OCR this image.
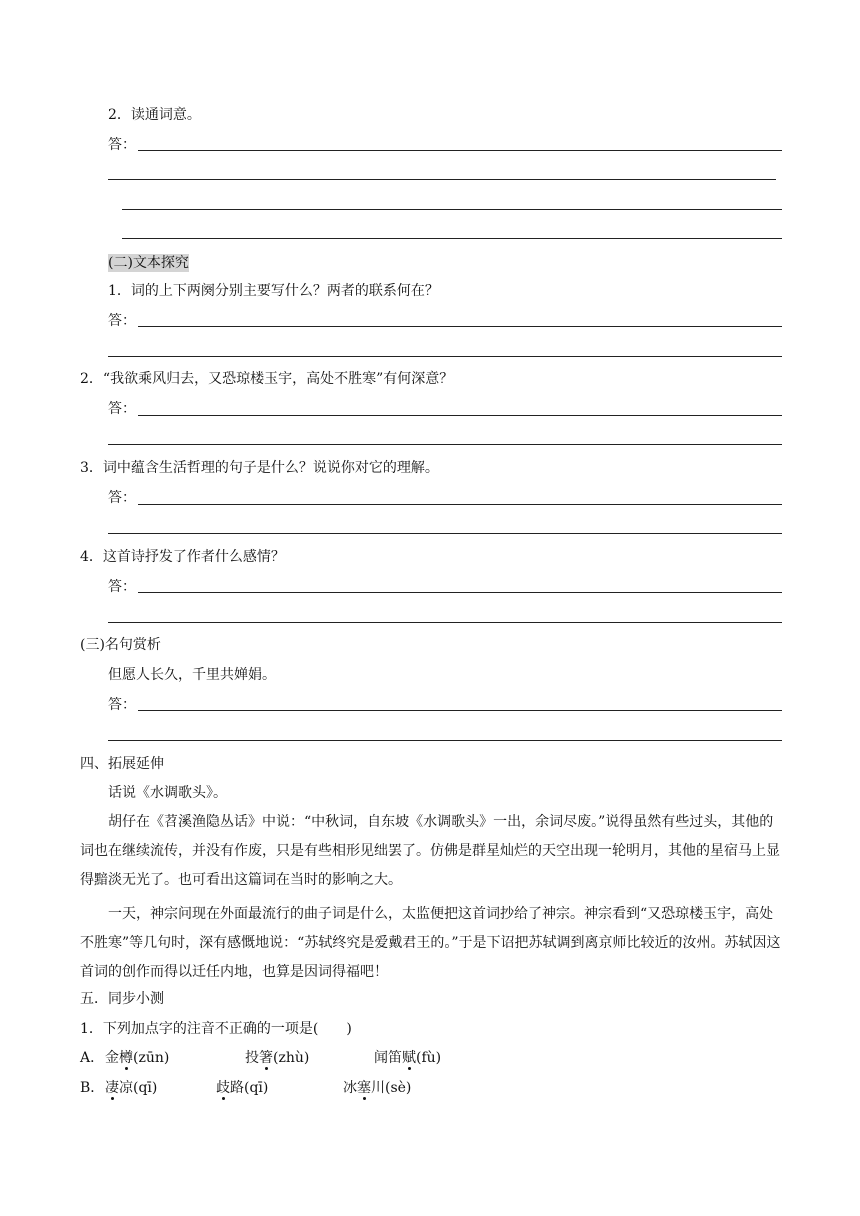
2．读通词意。
答：
(二)文本探究
1．词的上下两阕分别主要写什么？两者的联系何在？
答：
2．“我欲乘风归去，又恐琼楼玉宇，高处不胜寒”有何深意？
答：
3．词中蕴含生活哲理的句子是什么？说说你对它的理解。
答：
4．这首诗抒发了作者什么感情？
答：
(三)名句赏析
但愿人长久，千里共婵娟。
答：
四、拓展延伸
话说《水调歌头》。
胡仔在《苕溪渔隐丛话》中说：“中秋词，自东坡《水调歌头》一出，余词尽废。”说得虽然有些过头，其他的词也在继续流传，并没有作废，只是有些相形见绌罢了。仿佛是群星灿烂的天空出现一轮明月，其他的星宿马上显得黯淡无光了。也可看出这篇词在当时的影响之大。
一天，神宗问现在外面最流行的曲子词是什么，太监便把这首词抄给了神宗。神宗看到“又恐琼楼玉宇，高处不胜寒”等几句时，深有感慨地说：“苏轼终究是爱戴君王的。”于是下诏把苏轼调到离京师比较近的汝州。苏轼因这首词的创作而得以迁任内地，也算是因词得福吧！
五．同步小测
1．下列加点字的注音不正确的一项是(　　)
A． 金樽(zūn)	投箸(zhù)	闻笛赋(fù)
B． 凄凉(qī)	歧路(qī)	冰塞川(sè)
